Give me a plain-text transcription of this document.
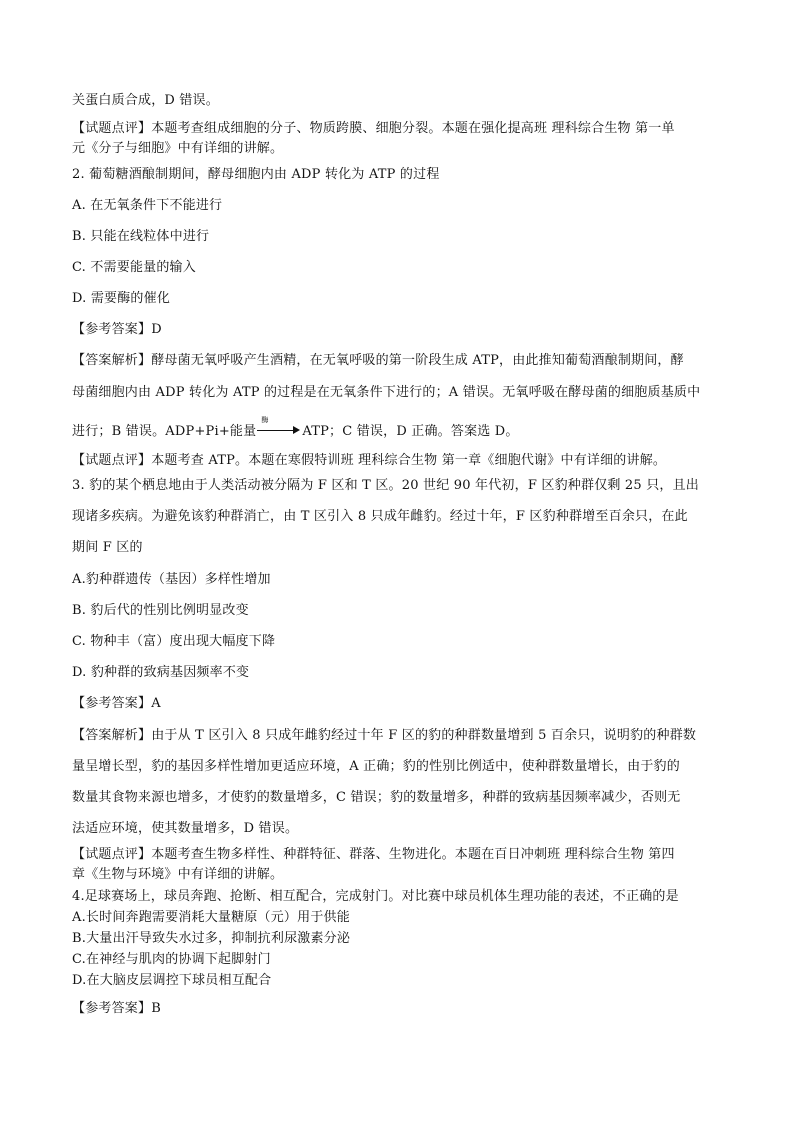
关蛋白质合成，D 错误。
【试题点评】本题考查组成细胞的分子、物质跨膜、细胞分裂。本题在强化提高班 理科综合生物 第一单
元《分子与细胞》中有详细的讲解。
2. 葡萄糖酒酿制期间，酵母细胞内由 ADP 转化为 ATP 的过程
A. 在无氧条件下不能进行
B. 只能在线粒体中进行
C. 不需要能量的输入
D. 需要酶的催化
【参考答案】D
【答案解析】酵母菌无氧呼吸产生酒精，在无氧呼吸的第一阶段生成 ATP，由此推知葡萄酒酿制期间，酵
母菌细胞内由 ADP 转化为 ATP 的过程是在无氧条件下进行的；A 错误。无氧呼吸在酵母菌的细胞质基质中
进行；B 错误。ADP+Pi+能量
酶
ATP；C 错误，D 正确。答案选 D。
【试题点评】本题考查 ATP。本题在寒假特训班 理科综合生物 第一章《细胞代谢》中有详细的讲解。
3. 豹的某个栖息地由于人类活动被分隔为 F 区和 T 区。20 世纪 90 年代初，F 区豹种群仅剩 25 只，且出
现诸多疾病。为避免该豹种群消亡，由 T 区引入 8 只成年雌豹。经过十年，F 区豹种群增至百余只，在此
期间 F 区的
A.豹种群遗传（基因）多样性增加
B. 豹后代的性别比例明显改变
C. 物种丰（富）度出现大幅度下降
D. 豹种群的致病基因频率不变
【参考答案】A
【答案解析】由于从 T 区引入 8 只成年雌豹经过十年 F 区的豹的种群数量增到 5 百余只，说明豹的种群数
量呈增长型，豹的基因多样性增加更适应环境，A 正确；豹的性别比例适中，使种群数量增长，由于豹的
数量其食物来源也增多，才使豹的数量增多，C 错误；豹的数量增多，种群的致病基因频率减少，否则无
法适应环境，使其数量增多，D 错误。
【试题点评】本题考查生物多样性、种群特征、群落、生物进化。本题在百日冲刺班 理科综合生物 第四
章《生物与环境》中有详细的讲解。
4.足球赛场上，球员奔跑、抢断、相互配合，完成射门。对比赛中球员机体生理功能的表述，不正确的是
A.长时间奔跑需要消耗大量糖原（元）用于供能
B.大量出汗导致失水过多，抑制抗利尿激素分泌
C.在神经与肌肉的协调下起脚射门
D.在大脑皮层调控下球员相互配合
【参考答案】B
